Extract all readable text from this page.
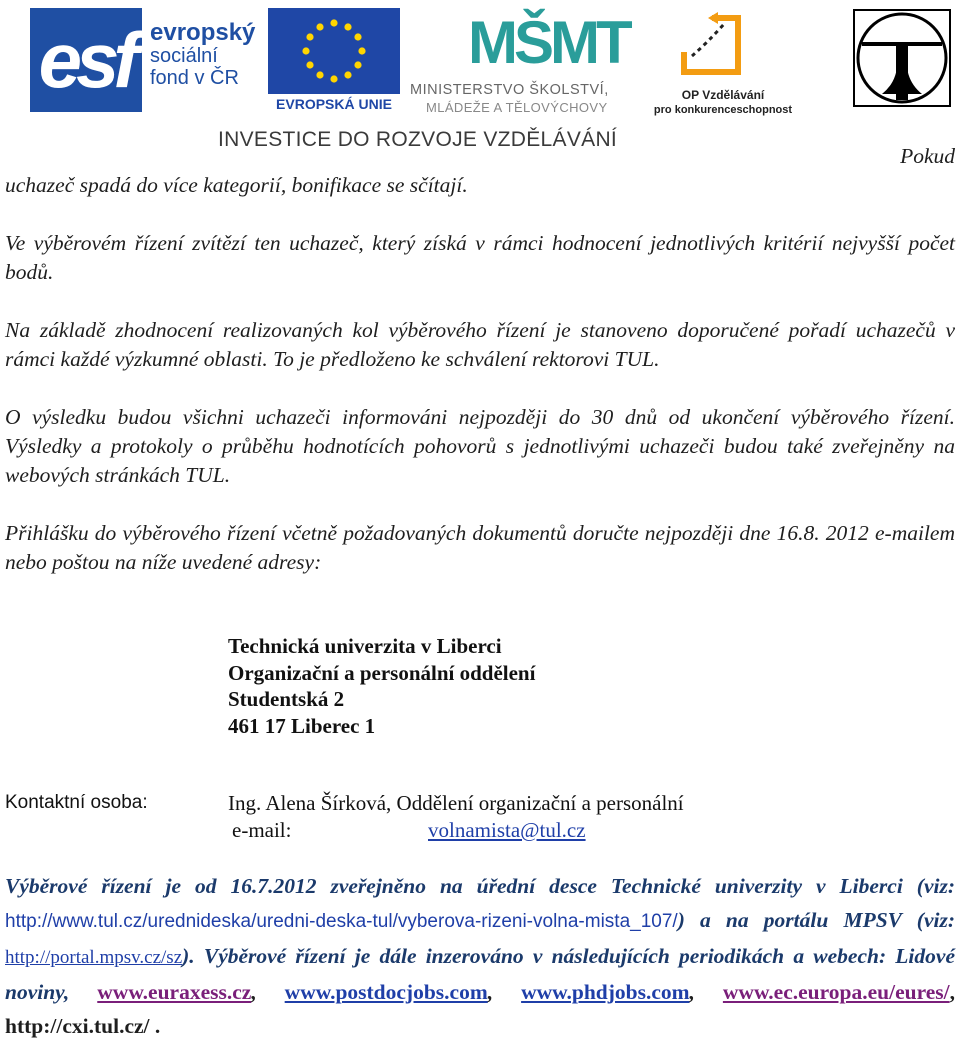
esf evropský
sociální
fond v ČR
EVROPSKÁ UNIE
MŠMT
MINISTERSTVO ŠKOLSTVÍ,
MLÁDEŽE A TĚLOVÝCHOVY
OP Vzdělávání
pro konkurenceschopnost
INVESTICE DO ROZVOJE VZDĚLÁVÁNÍ
Pokud
uchazeč spadá do více kategorií, bonifikace se sčítají.
Ve výběrovém řízení zvítězí ten uchazeč, který získá v rámci hodnocení jednotlivých kritérií nejvyšší počet bodů.
Na základě zhodnocení realizovaných kol výběrového řízení je stanoveno doporučené pořadí uchazečů v rámci každé výzkumné oblasti. To je předloženo ke schválení rektorovi TUL.
O výsledku budou všichni uchazeči informováni nejpozději do 30 dnů od ukončení výběrového řízení. Výsledky a protokoly o průběhu hodnotících pohovorů s jednotlivými uchazeči budou také zveřejněny na webových stránkách TUL.
Přihlášku do výběrového řízení včetně požadovaných dokumentů doručte nejpozději dne 16.8. 2012 e-mailem nebo poštou na níže uvedené adresy:
Technická univerzita v Liberci
Organizační a personální oddělení
Studentská 2
461 17 Liberec 1
Kontaktní osoba:	Ing. Alena Šírková, Oddělení organizační a personální
e-mail:	volnamista@tul.cz
Výběrové řízení je od 16.7.2012 zveřejněno na úřední desce Technické univerzity v Liberci (viz: http://www.tul.cz/urednideska/uredni-deska-tul/vyberova-rizeni-volna-mista_107/) a na portálu MPSV (viz: http://portal.mpsv.cz/sz). Výběrové řízení je dále inzerováno v následujících periodikách a webech: Lidové noviny, www.euraxess.cz, www.postdocjobs.com, www.phdjobs.com, www.ec.europa.eu/eures/, http://cxi.tul.cz/ .
